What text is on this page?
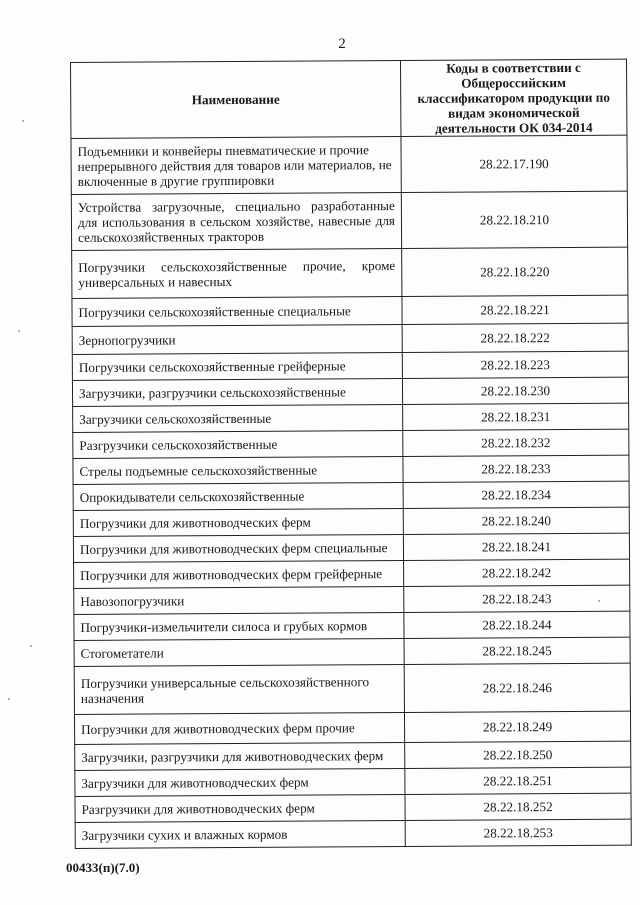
2
Наименование	Коды в соответствии с Общероссийским классификатором продукции по видам экономической деятельности ОК 034-2014
Подъемники и конвейеры пневматические и прочие непрерывного действия для товаров или материалов, не включенные в другие группировки	28.22.17.190
Устройства загрузочные, специально разработанные для использования в сельском хозяйстве, навесные для сельскохозяйственных тракторов	28.22.18.210
Погрузчики сельскохозяйственные прочие, кроме универсальных и навесных	28.22.18.220
Погрузчики сельскохозяйственные специальные	28.22.18.221
Зернопогрузчики	28.22.18.222
Погрузчики сельскохозяйственные грейферные	28.22.18.223
Загрузчики, разгрузчики сельскохозяйственные	28.22.18.230
Загрузчики сельскохозяйственные	28.22.18.231
Разгрузчики сельскохозяйственные	28.22.18.232
Стрелы подъемные сельскохозяйственные	28.22.18.233
Опрокидыватели сельскохозяйственные	28.22.18.234
Погрузчики для животноводческих ферм	28.22.18.240
Погрузчики для животноводческих ферм специальные	28.22.18.241
Погрузчики для животноводческих ферм грейферные	28.22.18.242
Навозопогрузчики	28.22.18.243
Погрузчики-измельчители силоса и грубых кормов	28.22.18.244
Стогометатели	28.22.18.245
Погрузчики универсальные сельскохозяйственного назначения	28.22.18.246
Погрузчики для животноводческих ферм прочие	28.22.18.249
Загрузчики, разгрузчики для животноводческих ферм	28.22.18.250
Загрузчики для животноводческих ферм	28.22.18.251
Разгрузчики для животноводческих ферм	28.22.18.252
Загрузчики сухих и влажных кормов	28.22.18.253
00433(п)(7.0)
